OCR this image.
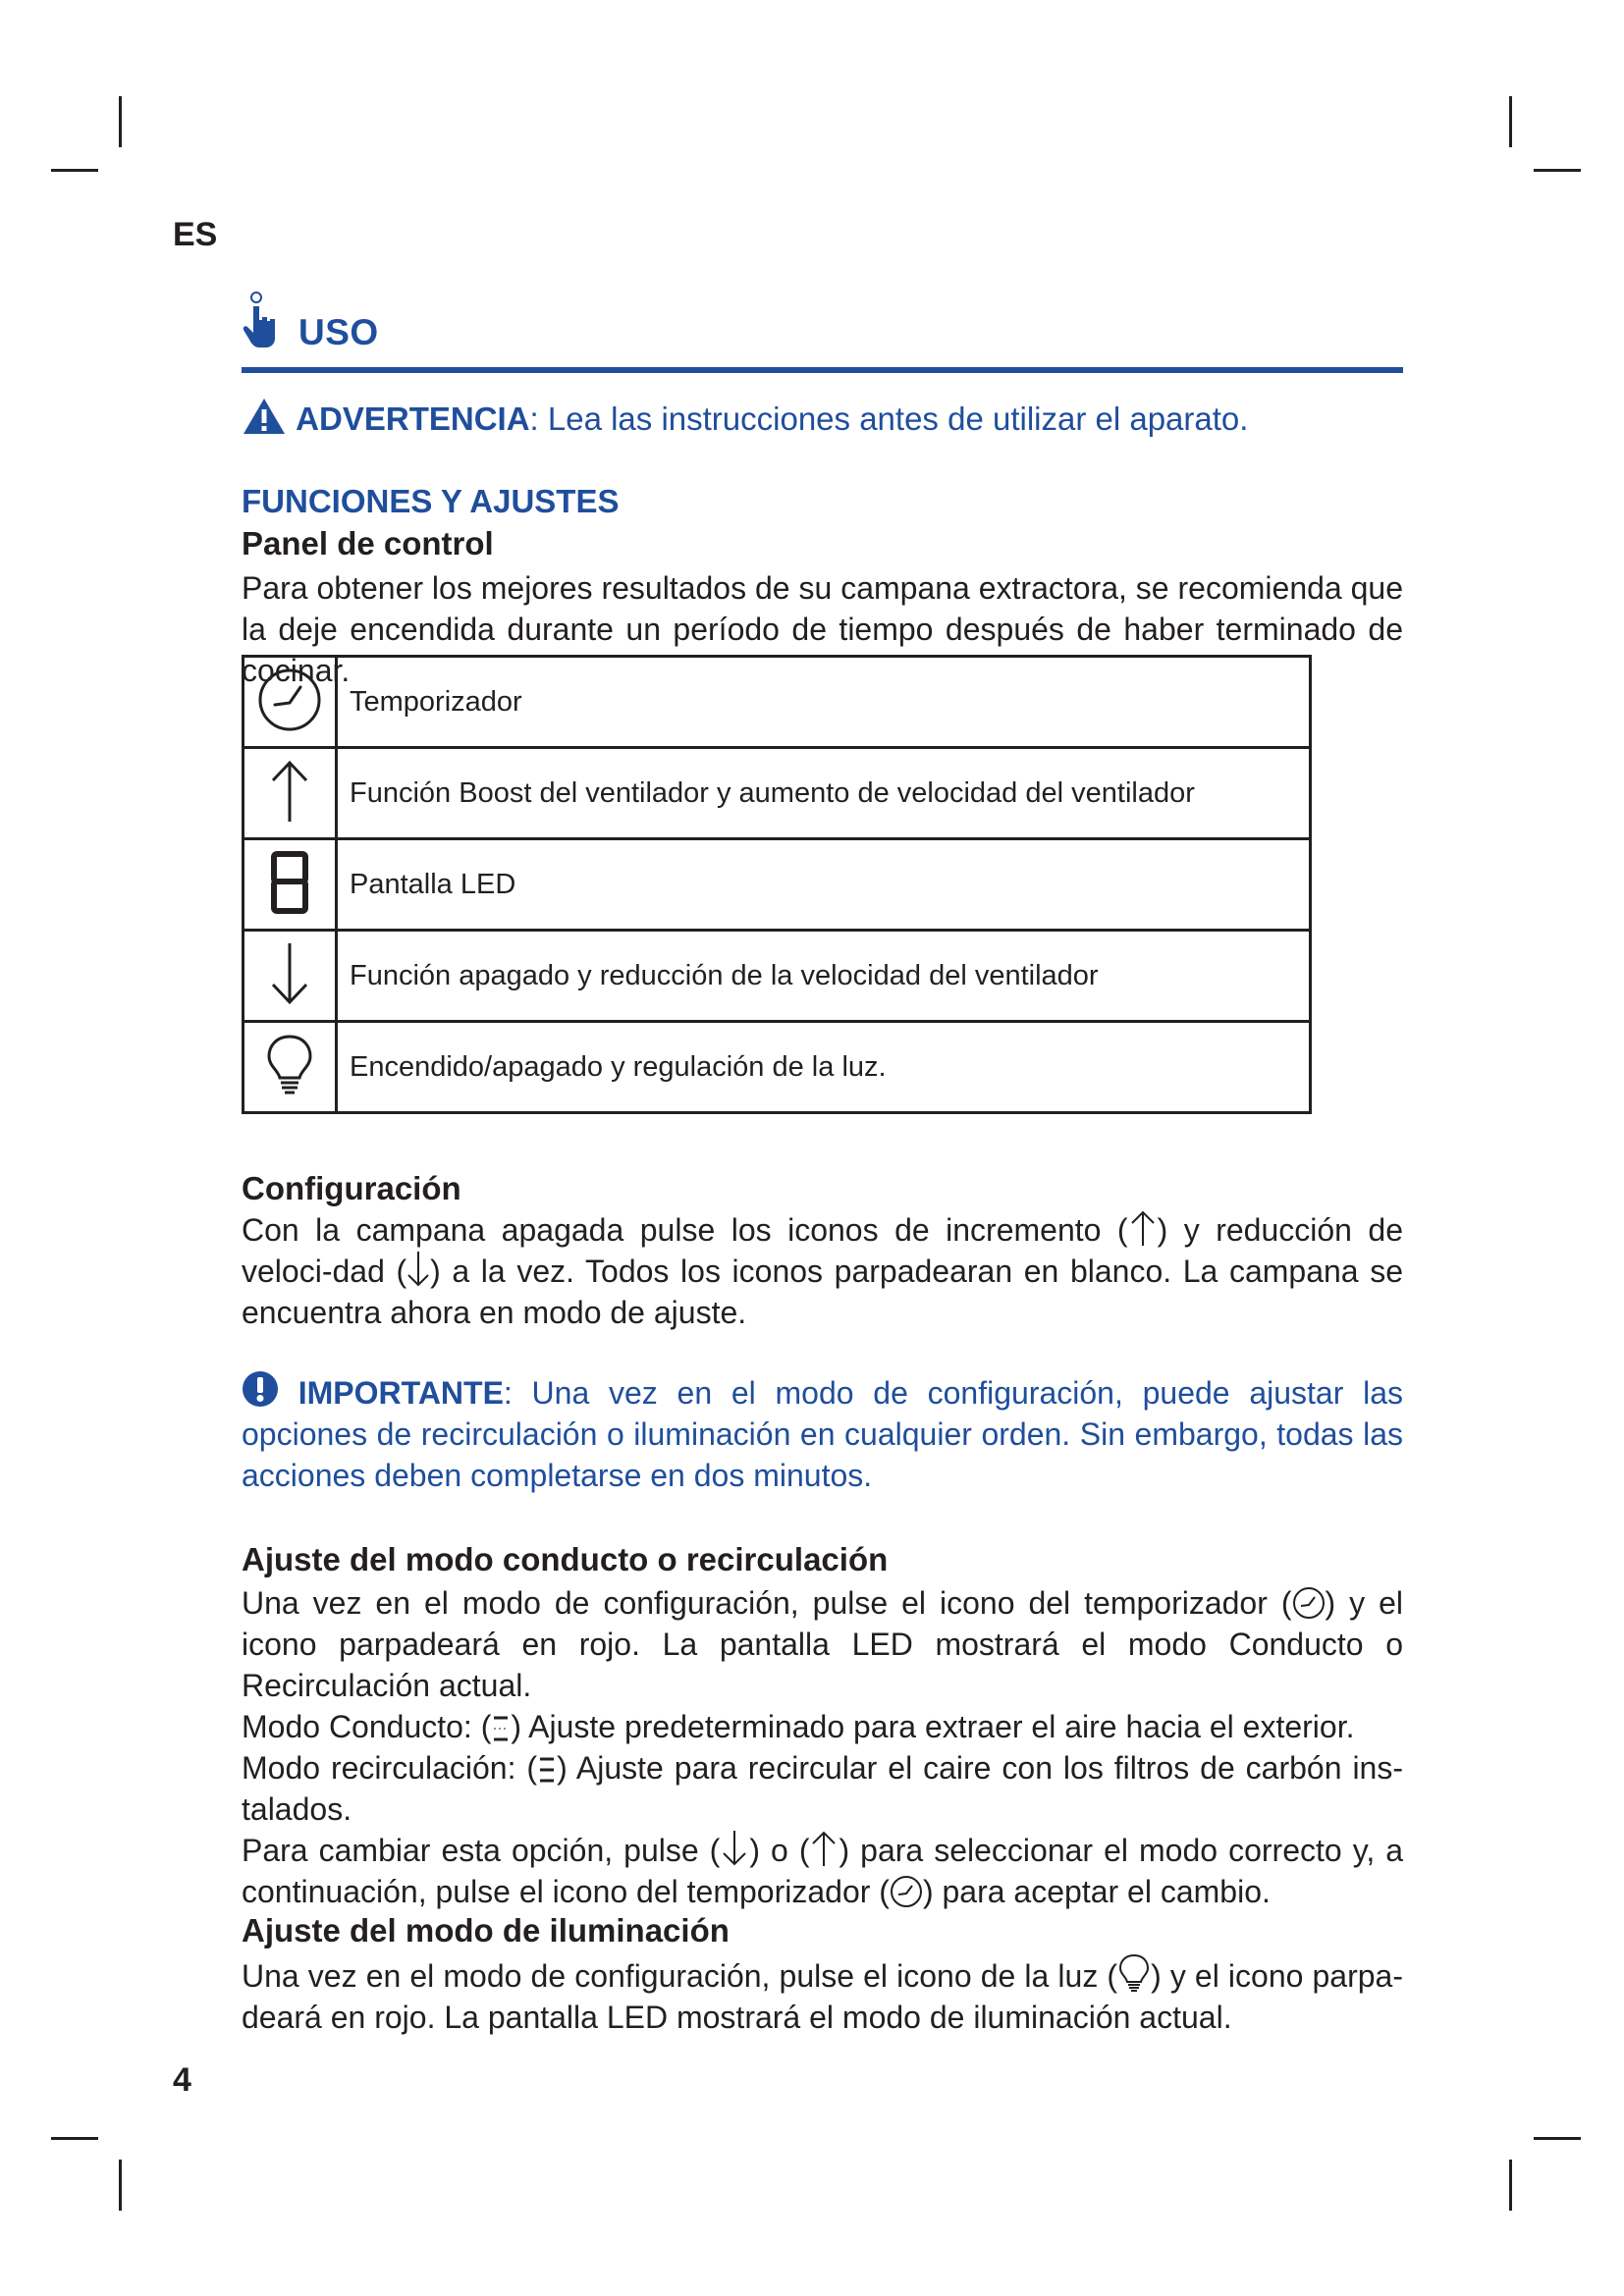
ES
USO
ADVERTENCIA: Lea las instrucciones antes de utilizar el aparato.
FUNCIONES Y AJUSTES
Panel de control
Para obtener los mejores resultados de su campana extractora, se recomienda que la deje encendida durante un período de tiempo después de haber terminado de cocinar.
	Temporizador
	Función Boost del ventilador y aumento de velocidad del ventilador
	Pantalla LED
	Función apagado y reducción de la velocidad del ventilador
	Encendido/apagado y regulación de la luz.
Configuración
Con la campana apagada pulse los iconos de incremento ( ) y reducción de veloci-dad ( ) a la vez. Todos los iconos parpadearan en blanco. La campana se encuentra ahora en modo de ajuste.
IMPORTANTE: Una vez en el modo de configuración, puede ajustar las opciones de recirculación o iluminación en cualquier orden. Sin embargo, todas las acciones deben completarse en dos minutos.
Ajuste del modo conducto o recirculación
Una vez en el modo de configuración, pulse el icono del temporizador ( ) y el icono parpadeará en rojo. La pantalla LED mostrará el modo Conducto o Recirculación actual.
Modo Conducto: ( ) Ajuste predeterminado para extraer el aire hacia el exterior.
Modo recirculación: ( ) Ajuste para recircular el caire con los filtros de carbón ins-talados.
Para cambiar esta opción, pulse ( ) o ( ) para seleccionar el modo correcto y, a continuación, pulse el icono del temporizador ( ) para aceptar el cambio.
Ajuste del modo de iluminación
Una vez en el modo de configuración, pulse el icono de la luz ( ) y el icono parpa-deará en rojo. La pantalla LED mostrará el modo de iluminación actual.
4
